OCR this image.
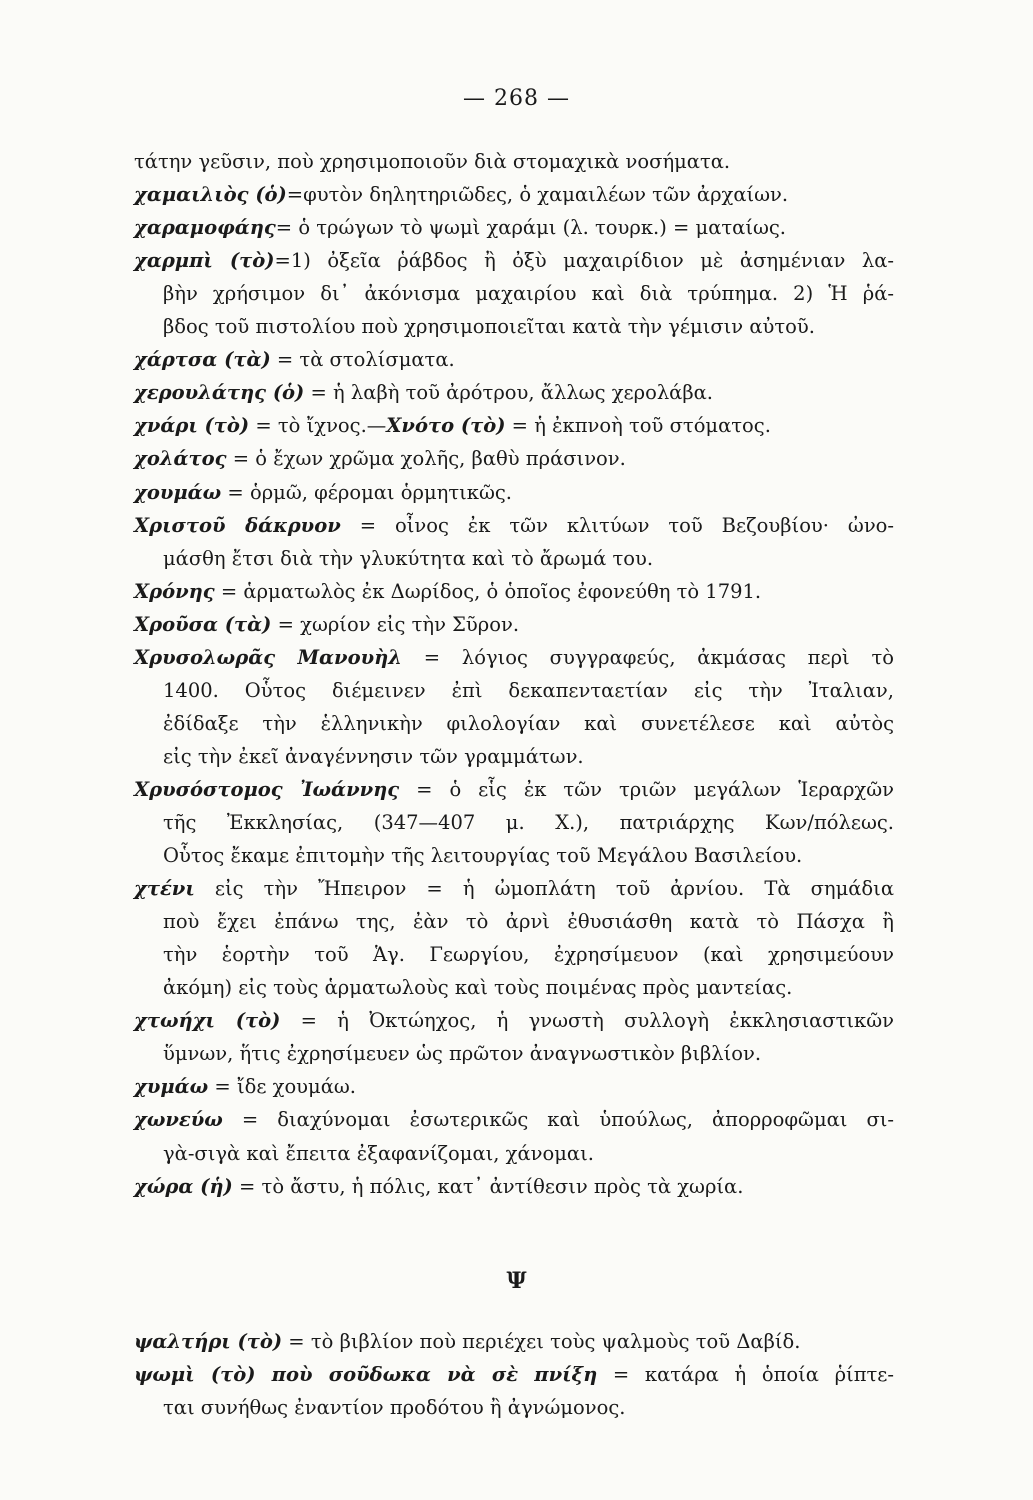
— 268 —
τάτην γεῦσιν, ποὺ χρησιμοποιοῦν διὰ στομαχικὰ νοσήματα.
χαμαιλιὸς (ὁ)=φυτὸν δηλητηριῶδες, ὁ χαμαιλέων τῶν ἀρχαίων.
χαραμοφάης= ὁ τρώγων τὸ ψωμὶ χαράμι (λ. τουρκ.) = ματαίως.
χαρμπὶ (τὸ)=1) ὀξεῖα ῥάβδος ἢ ὀξὺ μαχαιρίδιον μὲ ἀσημένιαν λα-
βὴν χρήσιμον δι᾽ ἀκόνισμα μαχαιρίου καὶ διὰ τρύπημα. 2) Ἡ ῥά-
βδος τοῦ πιστολίου ποὺ χρησιμοποιεῖται κατὰ τὴν γέμισιν αὐτοῦ.
χάρτσα (τὰ) = τὰ στολίσματα.
χερουλάτης (ὁ) = ἡ λαβὴ τοῦ ἀρότρου, ἄλλως χερολάβα.
χνάρι (τὸ) = τὸ ἴχνος.—Χνότο (τὸ) = ἡ ἐκπνοὴ τοῦ στόματος.
χολάτος = ὁ ἔχων χρῶμα χολῆς, βαθὺ πράσινον.
χουμάω = ὁρμῶ, φέρομαι ὁρμητικῶς.
Χριστοῦ δάκρυον = οἶνος ἐκ τῶν κλιτύων τοῦ Βεζουβίου· ὠνο-
μάσθη ἔτσι διὰ τὴν γλυκύτητα καὶ τὸ ἄρωμά του.
Χρόνης = ἁρματωλὸς ἐκ Δωρίδος, ὁ ὁποῖος ἐφονεύθη τὸ 1791.
Χροῦσα (τὰ) = χωρίον εἰς τὴν Σῦρον.
Χρυσολωρᾶς Μανουὴλ = λόγιος συγγραφεύς, ἀκμάσας περὶ τὸ
1400. Οὗτος διέμεινεν ἐπὶ δεκαπενταετίαν εἰς τὴν Ἰταλιαν,
ἐδίδαξε τὴν ἑλληνικὴν φιλολογίαν καὶ συνετέλεσε καὶ αὐτὸς
εἰς τὴν ἐκεῖ ἀναγέννησιν τῶν γραμμάτων.
Χρυσόστομος Ἰωάννης = ὁ εἷς ἐκ τῶν τριῶν μεγάλων Ἱεραρχῶν
τῆς Ἐκκλησίας, (347—407 μ. Χ.), πατριάρχης Κων/πόλεως.
Οὗτος ἔκαμε ἐπιτομὴν τῆς λειτουργίας τοῦ Μεγάλου Βασιλείου.
χτένι εἰς τὴν Ἤπειρον = ἡ ὠμοπλάτη τοῦ ἀρνίου. Τὰ σημάδια
ποὺ ἔχει ἐπάνω της, ἐὰν τὸ ἀρνὶ ἐθυσιάσθη κατὰ τὸ Πάσχα ἢ
τὴν ἑορτὴν τοῦ Ἁγ. Γεωργίου, ἐχρησίμευον (καὶ χρησιμεύουν
ἀκόμη) εἰς τοὺς ἁρματωλοὺς καὶ τοὺς ποιμένας πρὸς μαντείας.
χτωήχι (τὸ) = ἡ Ὀκτώηχος, ἡ γνωστὴ συλλογὴ ἐκκλησιαστικῶν
ὕμνων, ἥτις ἐχρησίμευεν ὡς πρῶτον ἀναγνωστικὸν βιβλίον.
χυμάω = ἴδε χουμάω.
χωνεύω = διαχύνομαι ἐσωτερικῶς καὶ ὑπούλως, ἀπορροφῶμαι σι-
γὰ-σιγὰ καὶ ἔπειτα ἐξαφανίζομαι, χάνομαι.
χώρα (ἡ) = τὸ ἄστυ, ἡ πόλις, κατ᾽ ἀντίθεσιν πρὸς τὰ χωρία.
Ψ
ψαλτήρι (τὸ) = τὸ βιβλίον ποὺ περιέχει τοὺς ψαλμοὺς τοῦ Δαβίδ.
ψωμὶ (τὸ) ποὺ σοῦδωκα νὰ σὲ πνίξη = κατάρα ἡ ὁποία ῥίπτε-
ται συνήθως ἐναντίον προδότου ἢ ἀγνώμονος.
